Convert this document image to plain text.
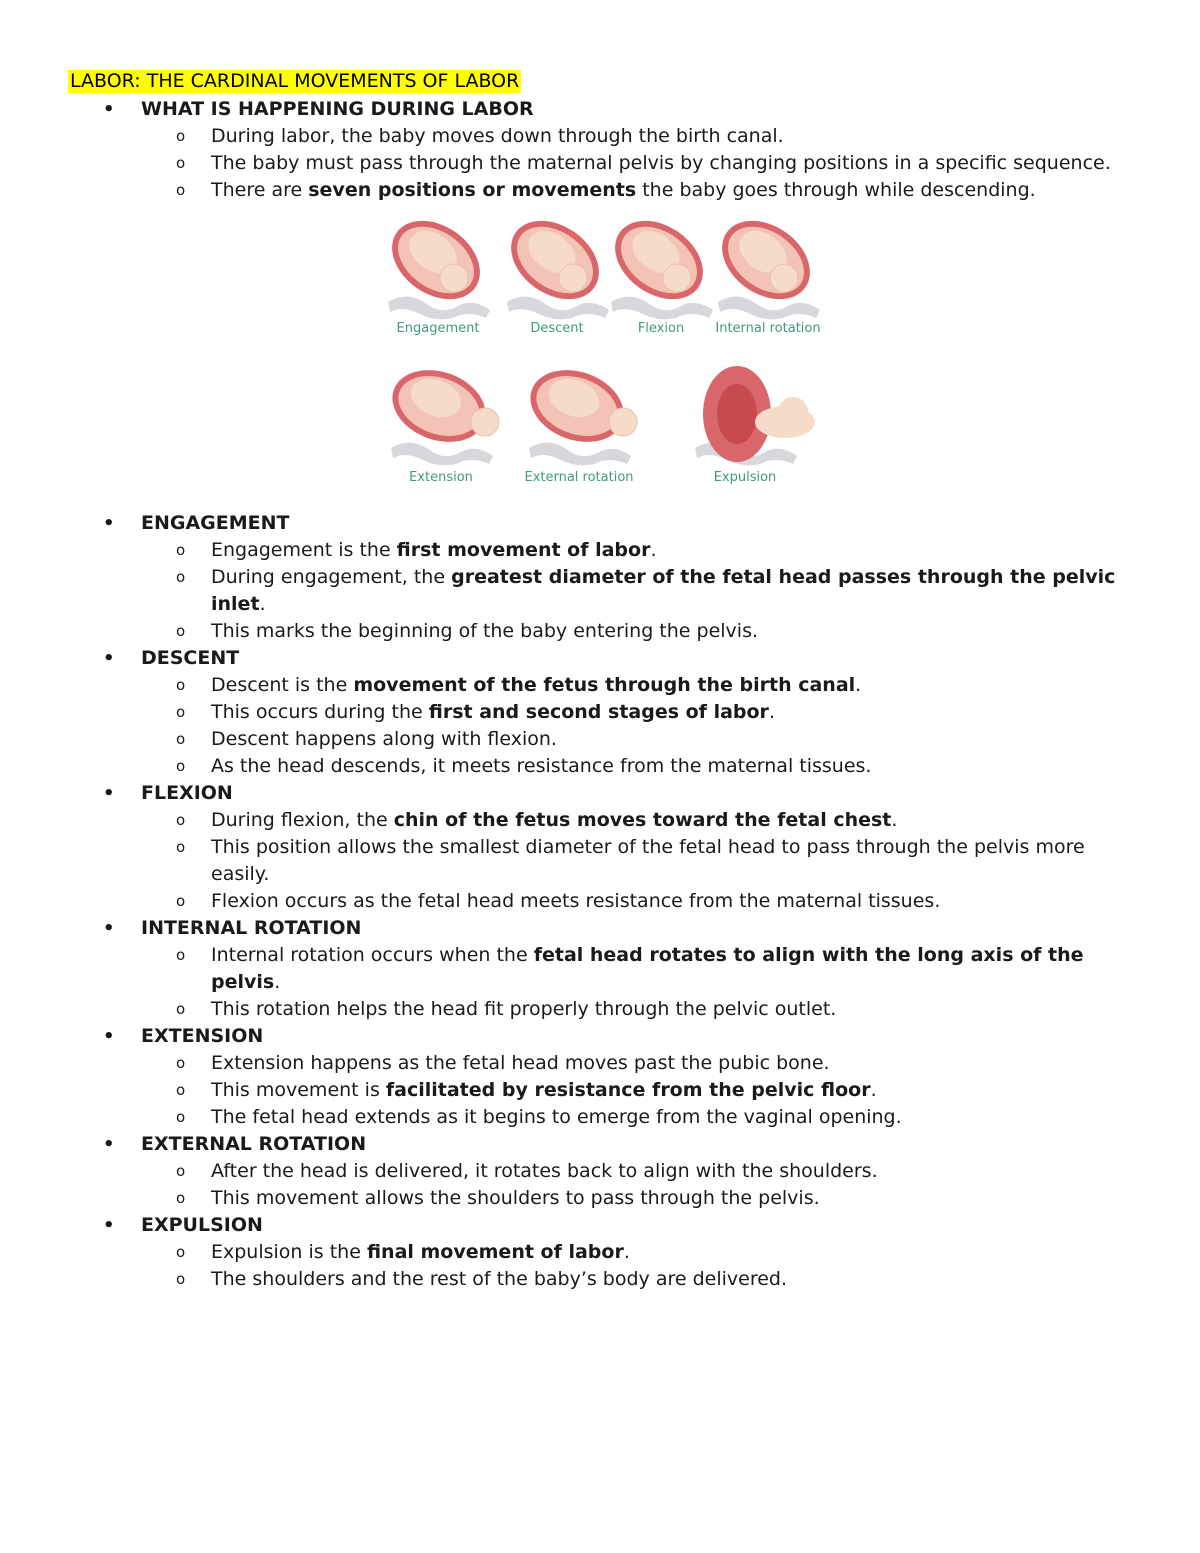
LABOR: THE CARDINAL MOVEMENTS OF LABOR
• WHAT IS HAPPENING DURING LABOR
o During labor, the baby moves down through the birth canal.
o The baby must pass through the maternal pelvis by changing positions in a specific sequence.
o There are seven positions or movements the baby goes through while descending.
Engagement	Descent	Flexion Internal rotation
Extension	External rotation	Expulsion
• ENGAGEMENT
o Engagement is the first movement of labor.
o During engagement, the greatest diameter of the fetal head passes through the pelvic inlet.
o This marks the beginning of the baby entering the pelvis.
• DESCENT
o Descent is the movement of the fetus through the birth canal.
o This occurs during the first and second stages of labor.
o Descent happens along with flexion.
o As the head descends, it meets resistance from the maternal tissues.
• FLEXION
o During flexion, the chin of the fetus moves toward the fetal chest.
o This position allows the smallest diameter of the fetal head to pass through the pelvis more easily.
o Flexion occurs as the fetal head meets resistance from the maternal tissues.
• INTERNAL ROTATION
o Internal rotation occurs when the fetal head rotates to align with the long axis of the pelvis.
o This rotation helps the head fit properly through the pelvic outlet.
• EXTENSION
o Extension happens as the fetal head moves past the pubic bone.
o This movement is facilitated by resistance from the pelvic floor.
o The fetal head extends as it begins to emerge from the vaginal opening.
• EXTERNAL ROTATION
o After the head is delivered, it rotates back to align with the shoulders.
o This movement allows the shoulders to pass through the pelvis.
• EXPULSION
o Expulsion is the final movement of labor.
o The shoulders and the rest of the baby’s body are delivered.
